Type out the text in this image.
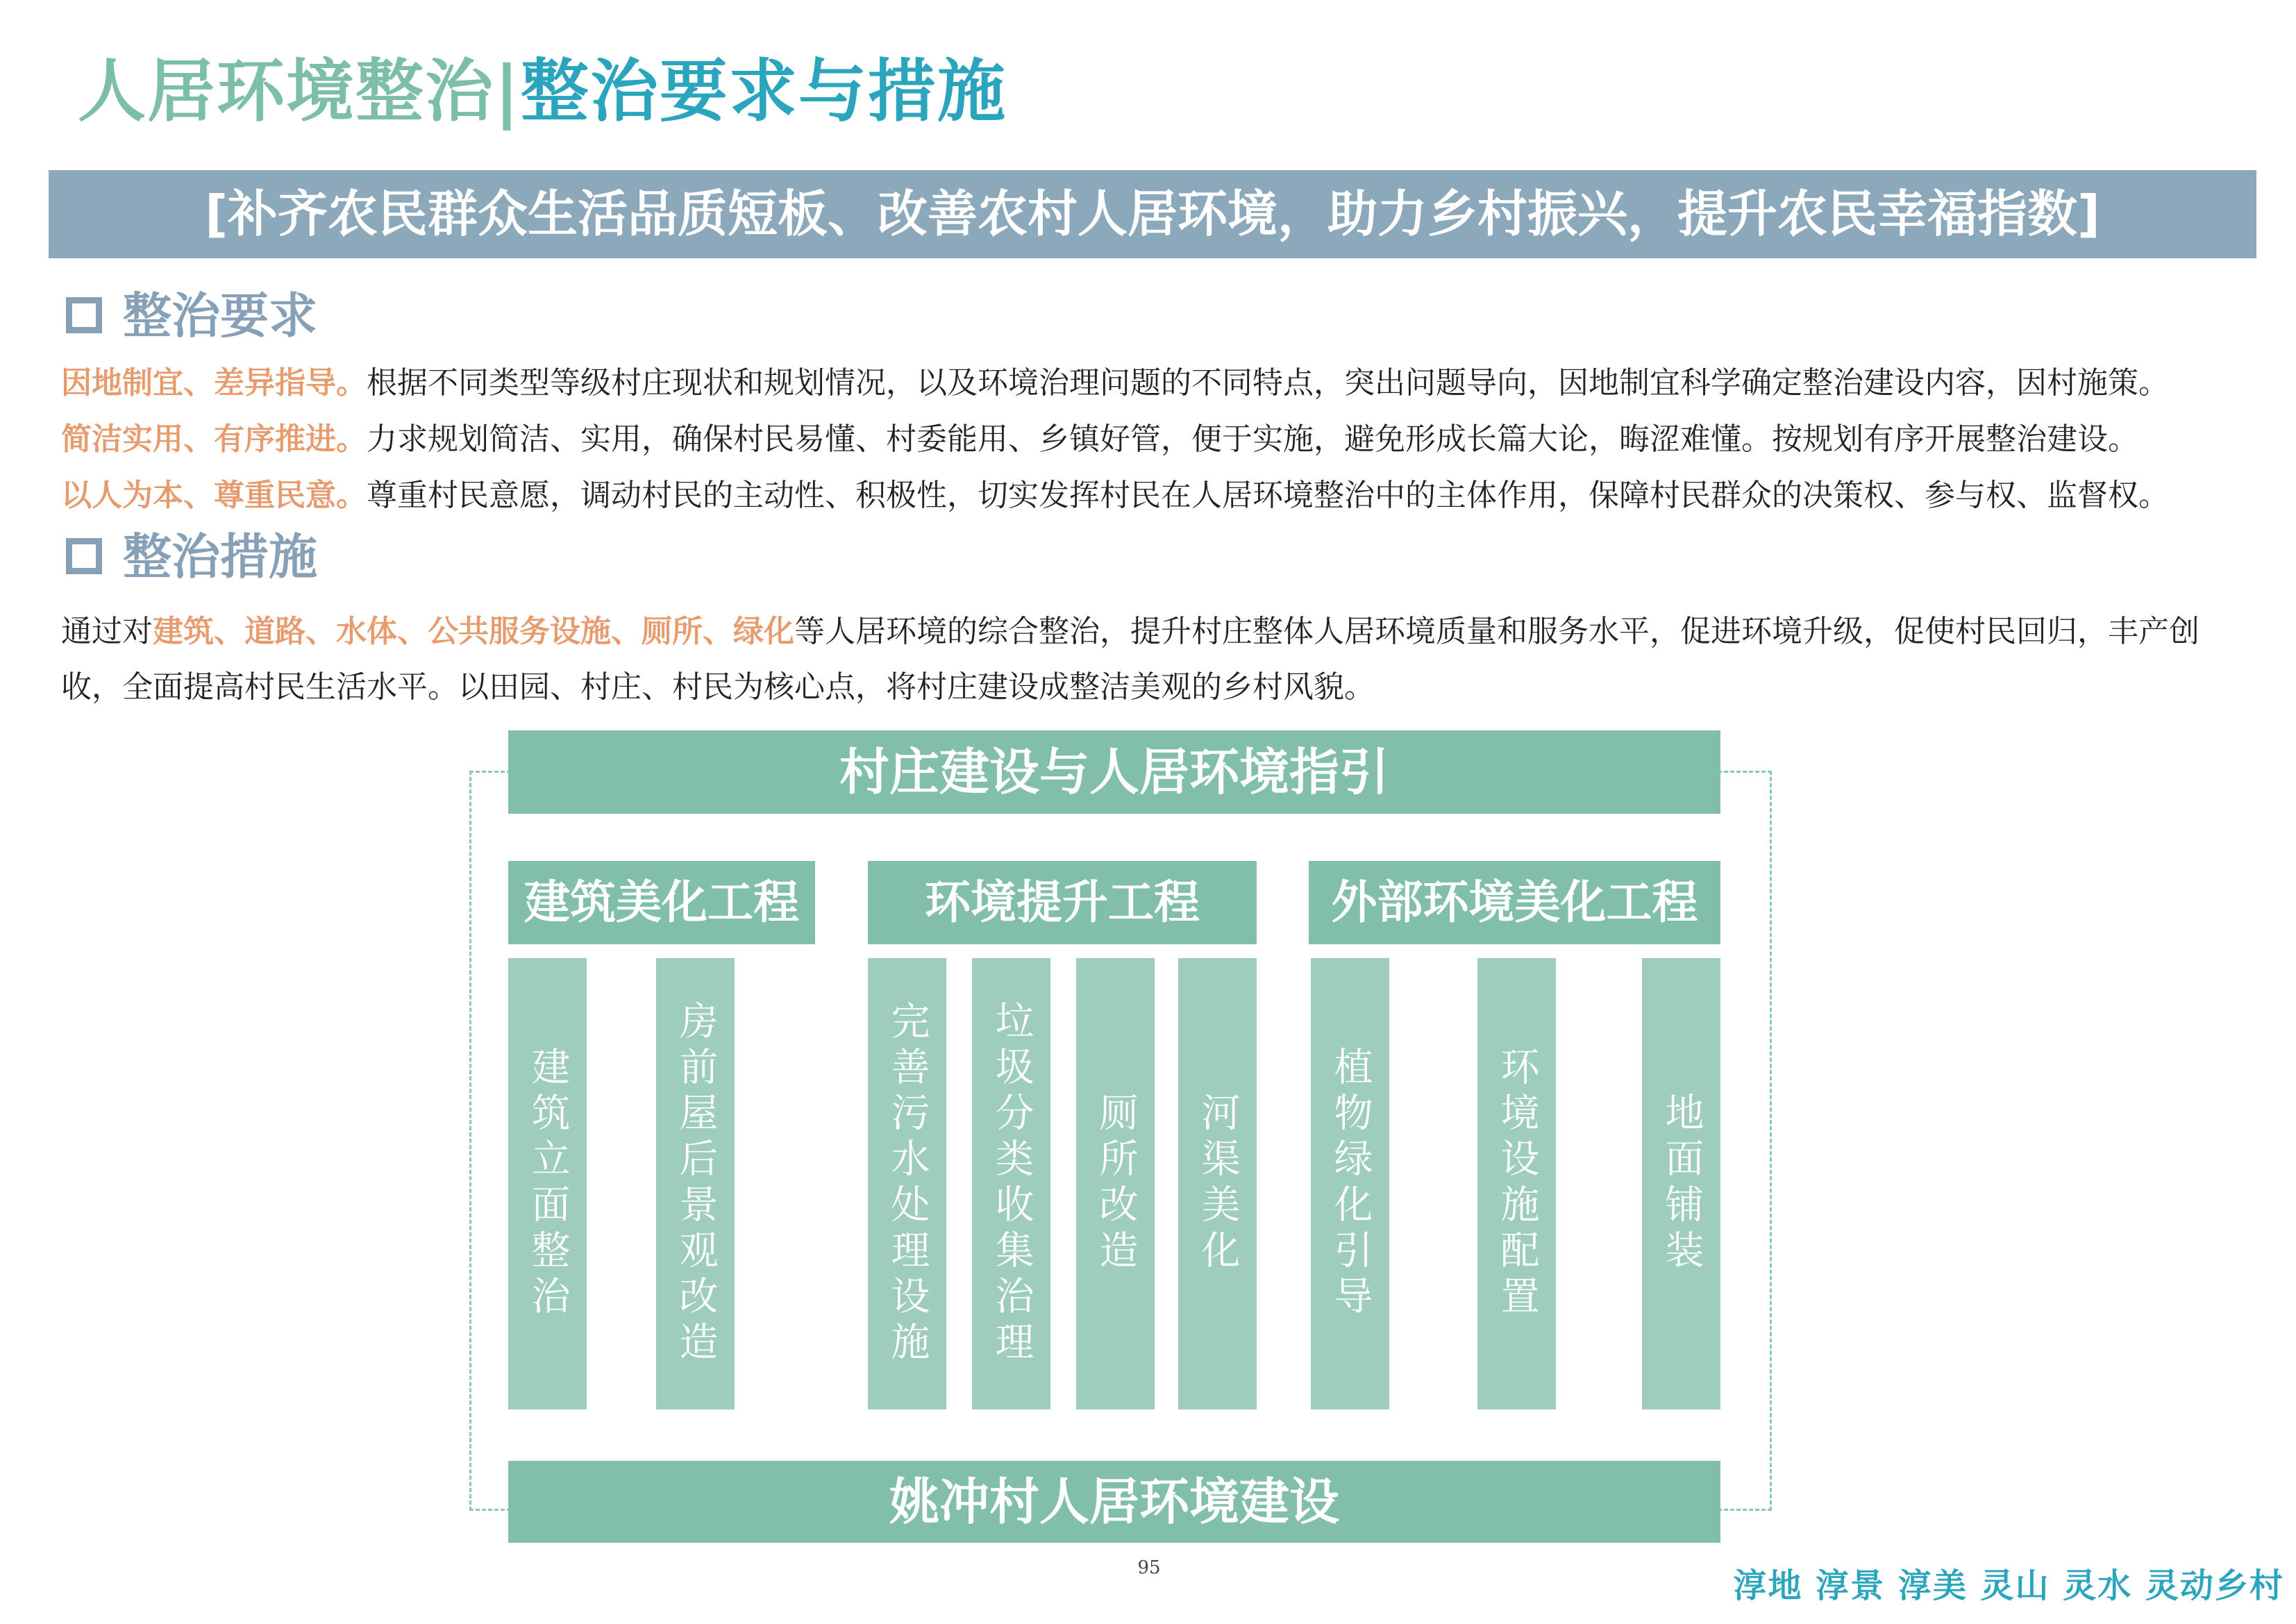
人居环境整治|整治要求与措施
[补齐农民群众生活品质短板、改善农村人居环境，助力乡村振兴，提升农民幸福指数]
整治要求
因地制宜、差异指导。根据不同类型等级村庄现状和规划情况，以及环境治理问题的不同特点，突出问题导向，因地制宜科学确定整治建设内容，因村施策。
简洁实用、有序推进。力求规划简洁、实用，确保村民易懂、村委能用、乡镇好管，便于实施，避免形成长篇大论，晦涩难懂。按规划有序开展整治建设。
以人为本、尊重民意。尊重村民意愿，调动村民的主动性、积极性，切实发挥村民在人居环境整治中的主体作用，保障村民群众的决策权、参与权、监督权。
整治措施
通过对建筑、道路、水体、公共服务设施、厕所、绿化等人居环境的综合整治，提升村庄整体人居环境质量和服务水平，促进环境升级，促使村民回归，丰产创收，全面提高村民生活水平。以田园、村庄、村民为核心点，将村庄建设成整洁美观的乡村风貌。
村庄建设与人居环境指引
建筑美化工程	环境提升工程	外部环境美化工程
建筑立面整治	房前屋后景观改造	完善污水处理设施 垃圾分类收集治理 厕所改造 河渠美化 植物绿化引导	环境设施配置	地面铺装
姚冲村人居环境建设
95	淳地 淳景 淳美 灵山 灵水 灵动乡村
